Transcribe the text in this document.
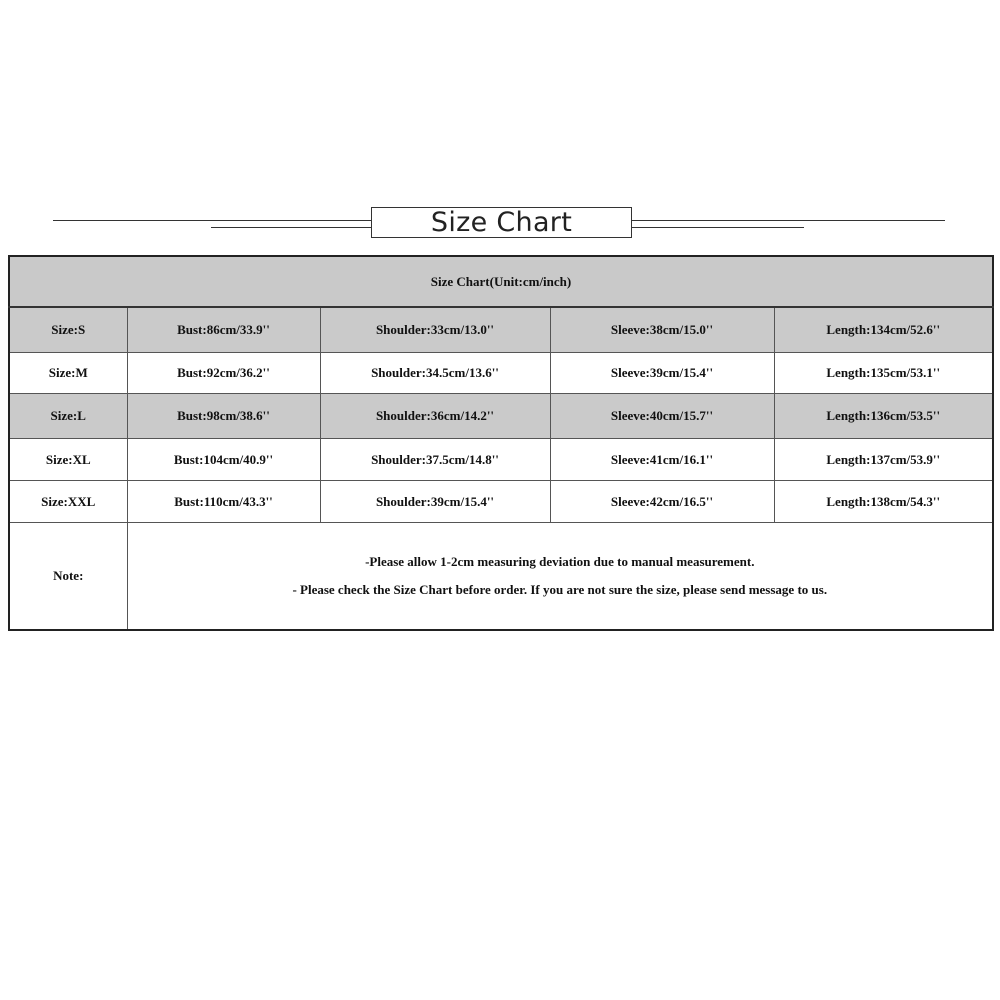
Size Chart
Size Chart(Unit:cm/inch)				
Size:S	Bust:86cm/33.9''	Shoulder:33cm/13.0''	Sleeve:38cm/15.0''	Length:134cm/52.6''
Size:M	Bust:92cm/36.2''	Shoulder:34.5cm/13.6''	Sleeve:39cm/15.4''	Length:135cm/53.1''
Size:L	Bust:98cm/38.6''	Shoulder:36cm/14.2''	Sleeve:40cm/15.7''	Length:136cm/53.5''
Size:XL	Bust:104cm/40.9''	Shoulder:37.5cm/14.8''	Sleeve:41cm/16.1''	Length:137cm/53.9''
Size:XXL	Bust:110cm/43.3''	Shoulder:39cm/15.4''	Sleeve:42cm/16.5''	Length:138cm/54.3''
Note:	-Please allow 1-2cm measuring deviation due to manual measurement.

- Please check the Size Chart before order. If you are not sure the size, please send message to us.			
